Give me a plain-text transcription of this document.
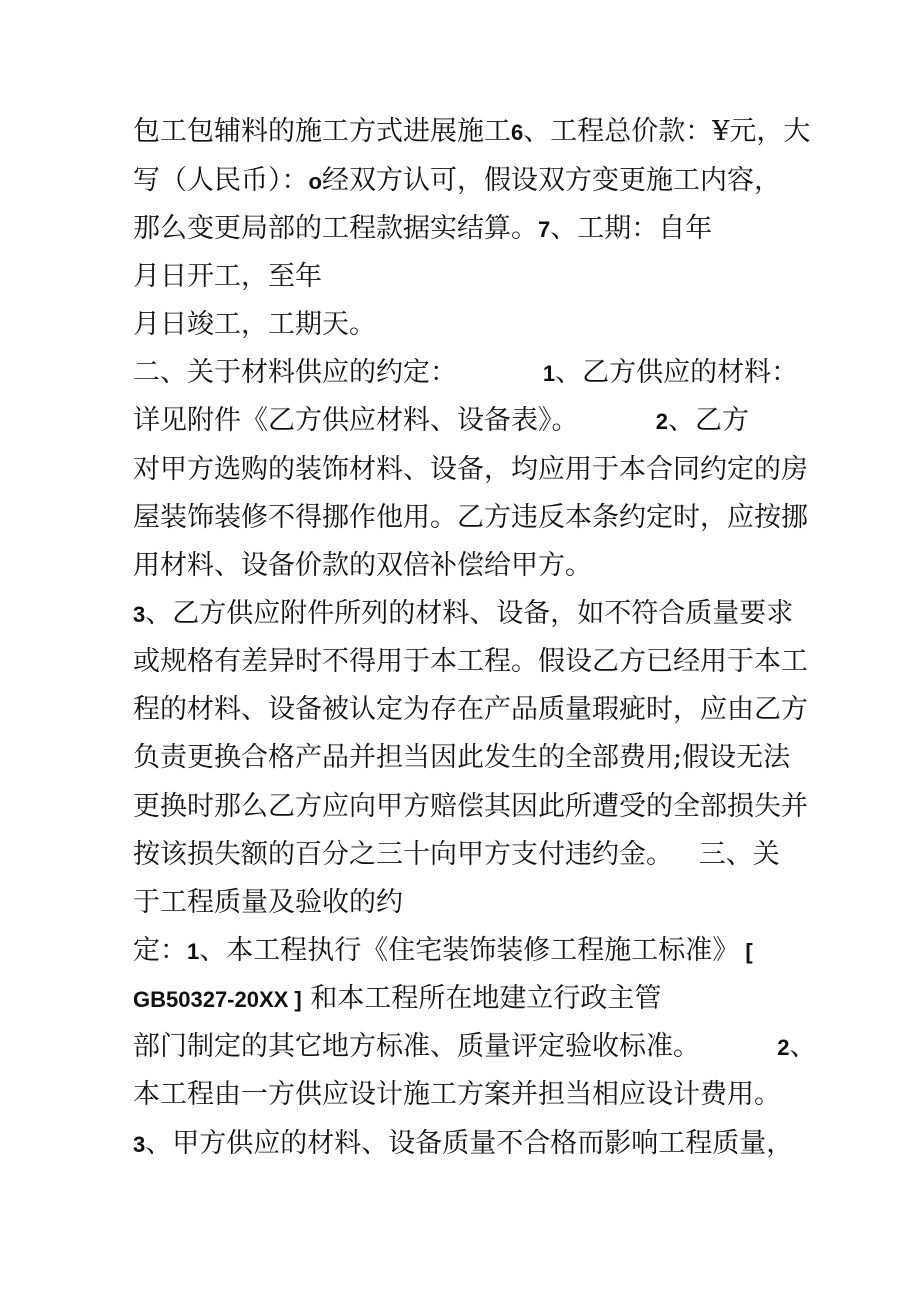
包工包辅料的施工方式进展施工6、工程总价款：¥元，大

写（人民币）：o经双方认可，假设双方变更施工内容，

那么变更局部的工程款据实结算。7、工期：自年

月日开工，至年

月日竣工，工期天。

二、关于材料供应的约定：          1、乙方供应的材料：

详见附件《乙方供应材料、设备表》。         2、乙方

对甲方选购的装饰材料、设备，均应用于本合同约定的房

屋装饰装修不得挪作他用。乙方违反本条约定时，应按挪

用材料、设备价款的双倍补偿给甲方。

3、乙方供应附件所列的材料、设备，如不符合质量要求

或规格有差异时不得用于本工程。假设乙方已经用于本工

程的材料、设备被认定为存在产品质量瑕疵时，应由乙方

负责更换合格产品并担当因此发生的全部费用;假设无法

更换时那么乙方应向甲方赔偿其因此所遭受的全部损失并

按该损失额的百分之三十向甲方支付违约金。   三、关

于工程质量及验收的约

定：1、本工程执行《住宅装饰装修工程施工标准》 [

GB50327-20XX ] 和本工程所在地建立行政主管

部门制定的其它地方标准、质量评定验收标准。         2、

本工程由一方供应设计施工方案并担当相应设计费用。

3、甲方供应的材料、设备质量不合格而影响工程质量，
